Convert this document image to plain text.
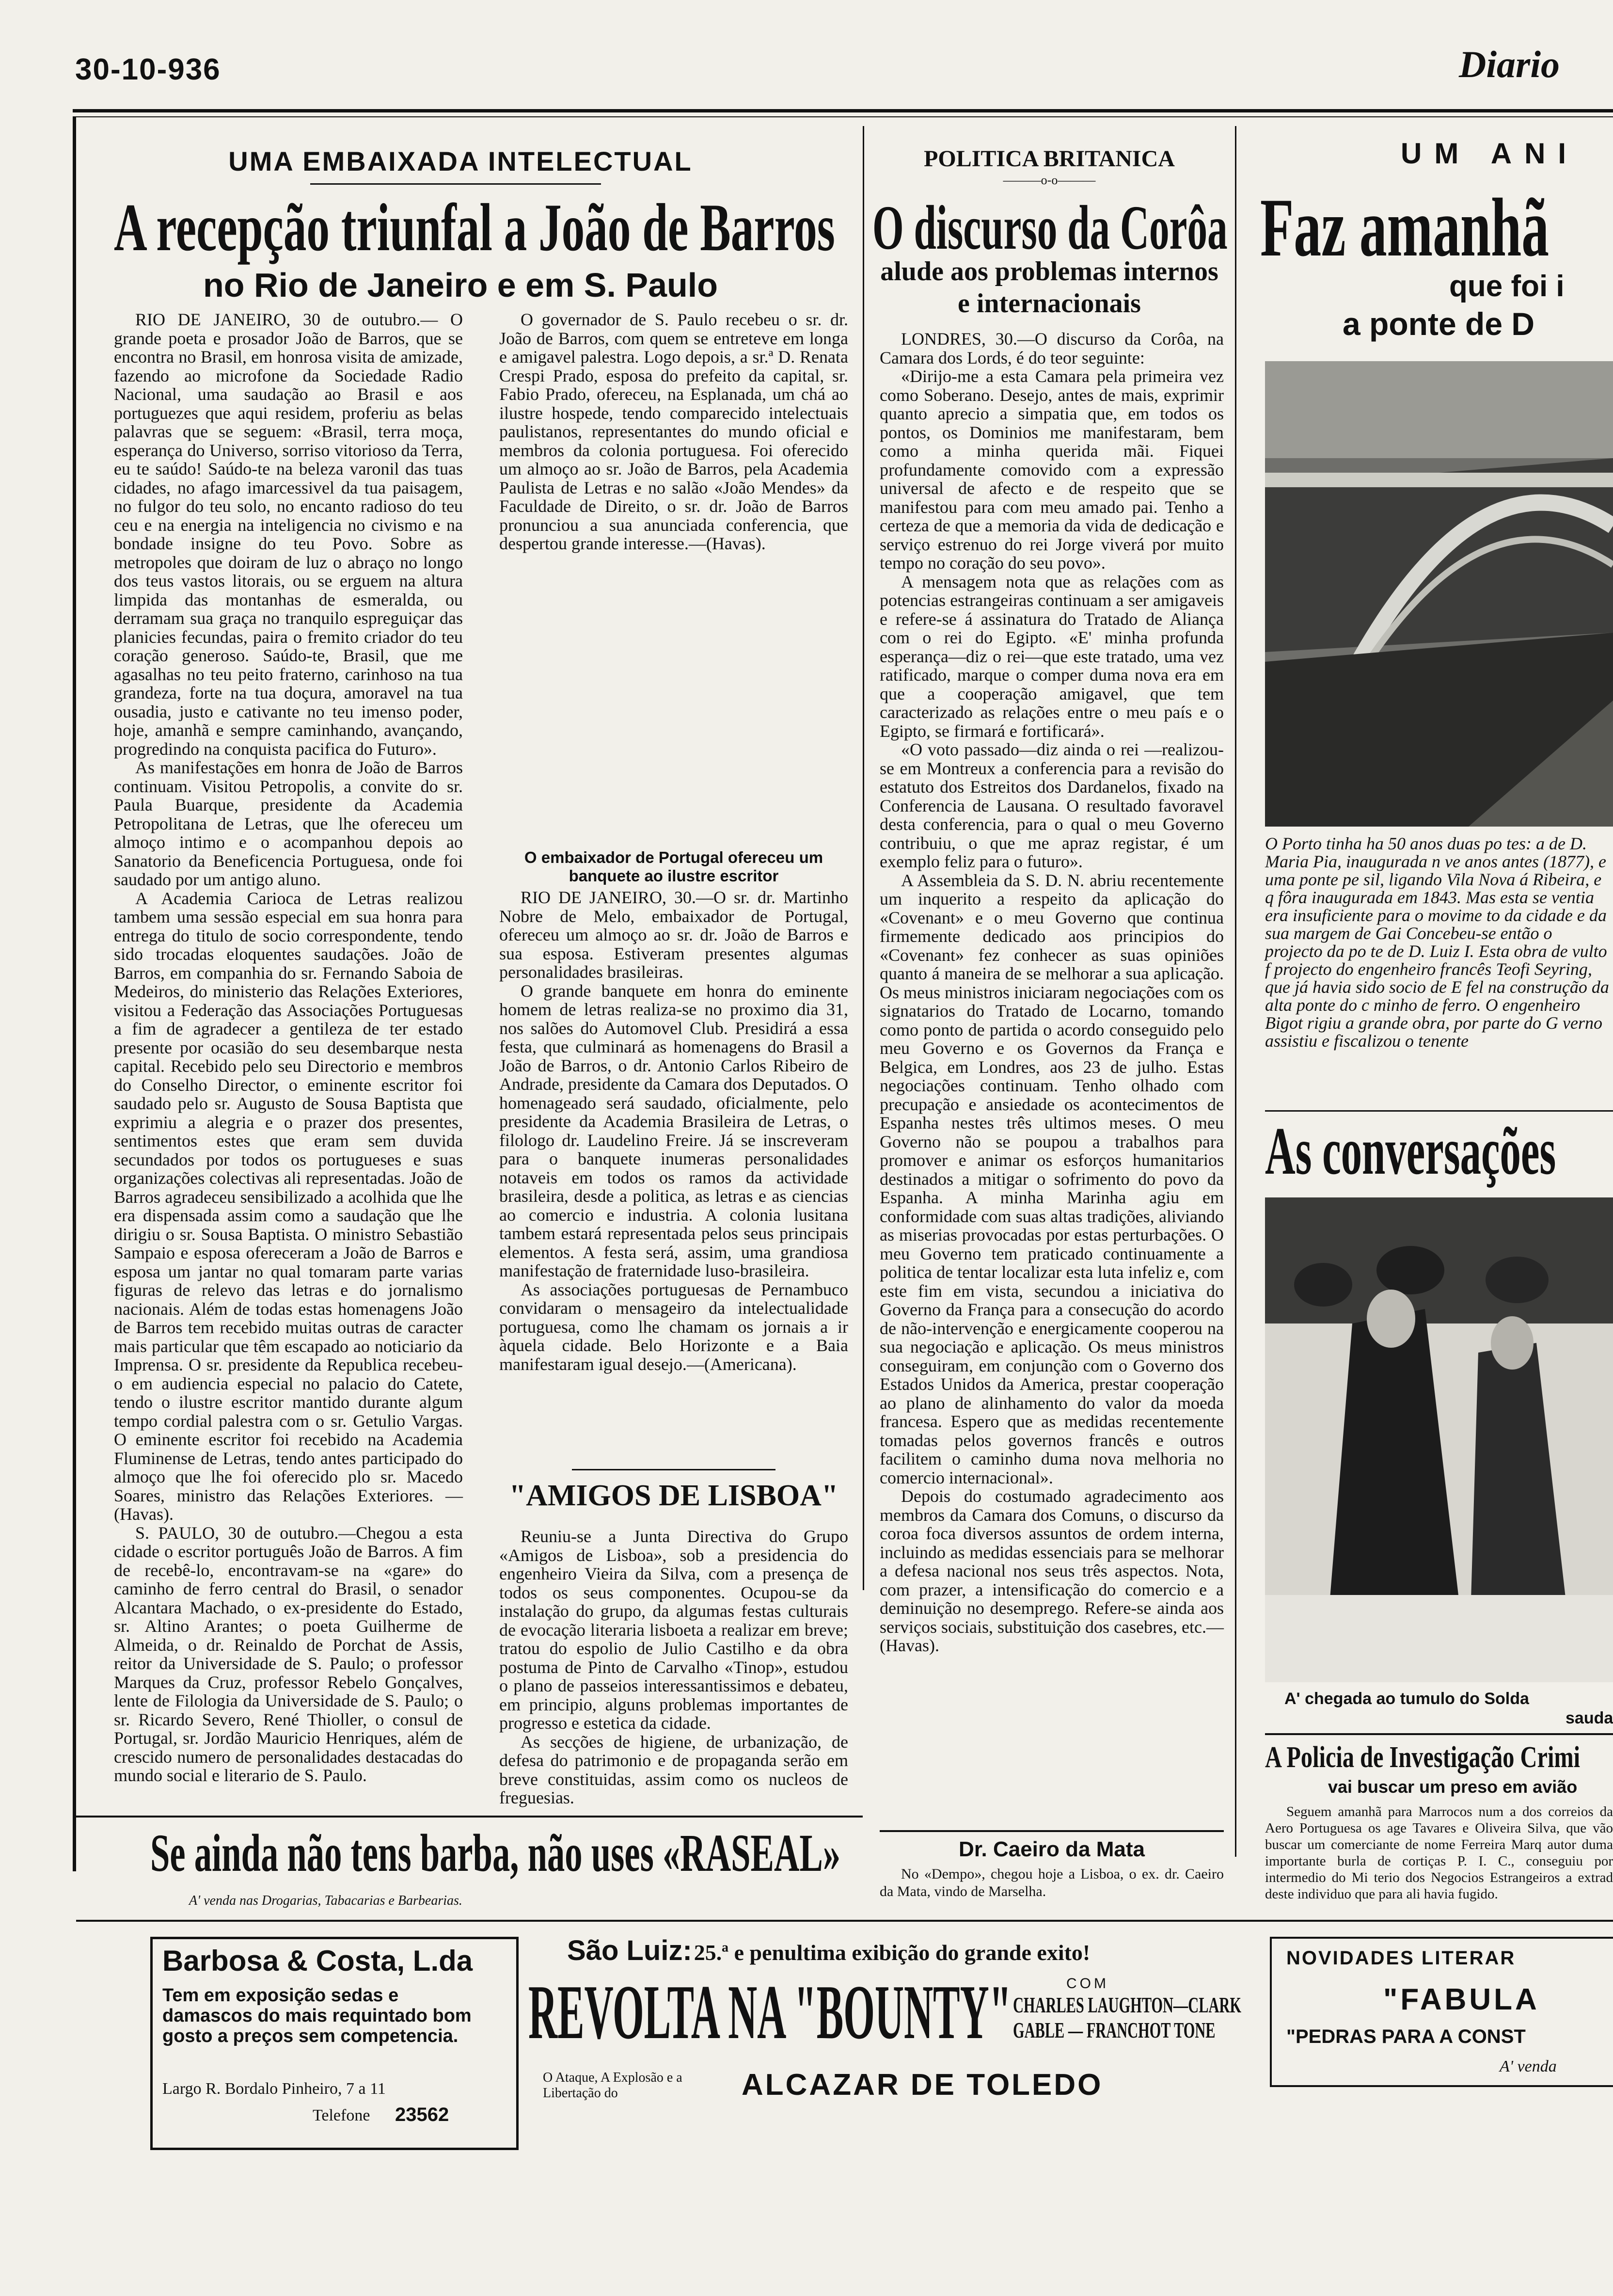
30-10-936	Diario
UMA EMBAIXADA INTELECTUAL
A recepção triunfal a João de Barros
no Rio de Janeiro e em S. Paulo

RIO DE JANEIRO, 30 de outubro.— O grande poeta e prosador João de Barros, que se encontra no Brasil, em honrosa visita de amizade, fazendo ao microfone da Sociedade Radio Nacional, uma saudação ao Brasil e aos portuguezes que aqui residem, proferiu as belas palavras que se seguem: «Brasil, terra moça, esperança do Universo, sorriso vitorioso da Terra, eu te saúdo! Saúdo-te na beleza varonil das tuas cidades, no afago imarcessivel da tua paisagem, no fulgor do teu solo, no encanto radioso do teu ceu e na energia na inteligencia no civismo e na bondade insigne do teu Povo. Sobre as metropoles que doiram de luz o abraço no longo dos teus vastos litorais, ou se erguem na altura limpida das montanhas de esmeralda, ou derramam sua graça no tranquilo espreguiçar das planicies fecundas, paira o fremito criador do teu coração generoso. Saúdo-te, Brasil, que me agasalhas no teu peito fraterno, carinhoso na tua grandeza, forte na tua doçura, amoravel na tua ousadia, justo e cativante no teu imenso poder, hoje, amanhã e sempre caminhando, avançando, progredindo na conquista pacifica do Futuro».

As manifestações em honra de João de Barros continuam. Visitou Petropolis, a convite do sr. Paula Buarque, presidente da Academia Petropolitana de Letras, que lhe ofereceu um almoço intimo e o acompanhou depois ao Sanatorio da Beneficencia Portuguesa, onde foi saudado por um antigo aluno.

A Academia Carioca de Letras realizou tambem uma sessão especial em sua honra para entrega do titulo de socio correspondente, tendo sido trocadas eloquentes saudações. João de Barros, em companhia do sr. Fernando Saboia de Medeiros, do ministerio das Relações Exteriores, visitou a Federação das Associações Portuguesas a fim de agradecer a gentileza de ter estado presente por ocasião do seu desembarque nesta capital. Recebido pelo seu Directorio e membros do Conselho Director, o eminente escritor foi saudado pelo sr. Augusto de Sousa Baptista que exprimiu a alegria e o prazer dos presentes, sentimentos estes que eram sem duvida secundados por todos os portugueses e suas organizações colectivas ali representadas. João de Barros agradeceu sensibilizado a acolhida que lhe era dispensada assim como a saudação que lhe dirigiu o sr. Sousa Baptista. O ministro Sebastião Sampaio e esposa ofereceram a João de Barros e esposa um jantar no qual tomaram parte varias figuras de relevo das letras e do jornalismo nacionais. Além de todas estas homenagens João de Barros tem recebido muitas outras de caracter mais particular que têm escapado ao noticiario da Imprensa. O sr. presidente da Republica recebeu-o em audiencia especial no palacio do Catete, tendo o ilustre escritor mantido durante algum tempo cordial palestra com o sr. Getulio Vargas. O eminente escritor foi recebido na Academia Fluminense de Letras, tendo antes participado do almoço que lhe foi oferecido plo sr. Macedo Soares, ministro das Relações Exteriores. — (Havas).

S. PAULO, 30 de outubro.—Chegou a esta cidade o escritor português João de Barros. A fim de recebê-lo, encontravam-se na «gare» do caminho de ferro central do Brasil, o senador Alcantara Machado, o ex-presidente do Estado, sr. Altino Arantes; o poeta Guilherme de Almeida, o dr. Reinaldo de Porchat de Assis, reitor da Universidade de S. Paulo; o professor Marques da Cruz, professor Rebelo Gonçalves, lente de Filologia da Universidade de S. Paulo; o sr. Ricardo Severo, René Thioller, o consul de Portugal, sr. Jordão Mauricio Henriques, além de crescido numero de personalidades destacadas do mundo social e literario de S. Paulo.

O governador de S. Paulo recebeu o sr. dr. João de Barros, com quem se entreteve em longa e amigavel palestra. Logo depois, a sr.ª D. Renata Crespi Prado, esposa do prefeito da capital, sr. Fabio Prado, ofereceu, na Esplanada, um chá ao ilustre hospede, tendo comparecido intelectuais paulistanos, representantes do mundo oficial e membros da colonia portuguesa. Foi oferecido um almoço ao sr. João de Barros, pela Academia Paulista de Letras e no salão «João Mendes» da Faculdade de Direito, o sr. dr. João de Barros pronunciou a sua anunciada conferencia, que despertou grande interesse.—(Havas).

O embaixador de Portugal ofereceu um banquete ao ilustre escritor

RIO DE JANEIRO, 30.—O sr. dr. Martinho Nobre de Melo, embaixador de Portugal, ofereceu um almoço ao sr. dr. João de Barros e sua esposa. Estiveram presentes algumas personalidades brasileiras.

O grande banquete em honra do eminente homem de letras realiza-se no proximo dia 31, nos salões do Automovel Club. Presidirá a essa festa, que culminará as homenagens do Brasil a João de Barros, o dr. Antonio Carlos Ribeiro de Andrade, presidente da Camara dos Deputados. O homenageado será saudado, oficialmente, pelo presidente da Academia Brasileira de Letras, o filologo dr. Laudelino Freire. Já se inscreveram para o banquete inumeras personalidades notaveis em todos os ramos da actividade brasileira, desde a politica, as letras e as ciencias ao comercio e industria. A colonia lusitana tambem estará representada pelos seus principais elementos. A festa será, assim, uma grandiosa manifestação de fraternidade luso-brasileira.

As associações portuguesas de Pernambuco convidaram o mensageiro da intelectualidade portuguesa, como lhe chamam os jornais a ir àquela cidade. Belo Horizonte e a Baia manifestaram igual desejo.—(Americana).

"AMIGOS DE LISBOA"

Reuniu-se a Junta Directiva do Grupo «Amigos de Lisboa», sob a presidencia do engenheiro Vieira da Silva, com a presença de todos os seus componentes. Ocupou-se da instalação do grupo, da algumas festas culturais de evocação literaria lisboeta a realizar em breve; tratou do espolio de Julio Castilho e da obra postuma de Pinto de Carvalho «Tinop», estudou o plano de passeios interessantissimos e debateu, em principio, alguns problemas importantes de progresso e estetica da cidade.

As secções de higiene, de urbanização, de defesa do patrimonio e de propaganda serão em breve constituidas, assim como os nucleos de freguesias.

Se ainda não tens barba, não uses «RASEAL»
A' venda nas Drogarias, Tabacarias e Barbearias.
POLITICA BRITANICA
———o-o———
O discurso da Corôa
alude aos problemas internos e internacionais

LONDRES, 30.—O discurso da Corôa, na Camara dos Lords, é do teor seguinte:

«Dirijo-me a esta Camara pela primeira vez como Soberano. Desejo, antes de mais, exprimir quanto aprecio a simpatia que, em todos os pontos, os Dominios me manifestaram, bem como a minha querida mãi. Fiquei profundamente comovido com a expressão universal de afecto e de respeito que se manifestou para com meu amado pai. Tenho a certeza de que a memoria da vida de dedicação e serviço estrenuo do rei Jorge viverá por muito tempo no coração do seu povo».

A mensagem nota que as relações com as potencias estrangeiras continuam a ser amigaveis e refere-se á assinatura do Tratado de Aliança com o rei do Egipto. «E' minha profunda esperança—diz o rei—que este tratado, uma vez ratificado, marque o comper duma nova era em que a cooperação amigavel, que tem caracterizado as relações entre o meu país e o Egipto, se firmará e fortificará».

«O voto passado—diz ainda o rei —realizou-se em Montreux a conferencia para a revisão do estatuto dos Estreitos dos Dardanelos, fixado na Conferencia de Lausana. O resultado favoravel desta conferencia, para o qual o meu Governo contribuiu, o que me apraz registar, é um exemplo feliz para o futuro».

A Assembleia da S. D. N. abriu recentemente um inquerito a respeito da aplicação do «Covenant» e o meu Governo que continua firmemente dedicado aos principios do «Covenant» fez conhecer as suas opiniões quanto á maneira de se melhorar a sua aplicação. Os meus ministros iniciaram negociações com os signatarios do Tratado de Locarno, tomando como ponto de partida o acordo conseguido pelo meu Governo e os Governos da França e Belgica, em Londres, aos 23 de julho. Estas negociações continuam. Tenho olhado com precupação e ansiedade os acontecimentos de Espanha nestes três ultimos meses. O meu Governo não se poupou a trabalhos para promover e animar os esforços humanitarios destinados a mitigar o sofrimento do povo da Espanha. A minha Marinha agiu em conformidade com suas altas tradições, aliviando as miserias provocadas por estas perturbações. O meu Governo tem praticado continuamente a politica de tentar localizar esta luta infeliz e, com este fim em vista, secundou a iniciativa do Governo da França para a consecução do acordo de não-intervenção e energicamente cooperou na sua negociação e aplicação. Os meus ministros conseguiram, em conjunção com o Governo dos Estados Unidos da America, prestar cooperação ao plano de alinhamento do valor da moeda francesa. Espero que as medidas recentemente tomadas pelos governos francês e outros facilitem o caminho duma nova melhoria no comercio internacional».

Depois do costumado agradecimento aos membros da Camara dos Comuns, o discurso da coroa foca diversos assuntos de ordem interna, incluindo as medidas essenciais para se melhorar a defesa nacional nos seus três aspectos. Nota, com prazer, a intensificação do comercio e a deminuição no desemprego. Refere-se ainda aos serviços sociais, substituição dos casebres, etc.—(Havas).

Dr. Caeiro da Mata

No «Dempo», chegou hoje a Lisboa, o ex. dr. Caeiro da Mata, vindo de Marselha.

UM ANI
Faz amanhã
que foi i
a ponte de D
O Porto tinha ha 50 anos duas po tes: a de D. Maria Pia, inaugurada n ve anos antes (1877), e uma ponte pe sil, ligando Vila Nova á Ribeira, e q fôra inaugurada em 1843. Mas esta se ventia era insuficiente para o movime to da cidade e da sua margem de Gai Concebeu-se então o projecto da po te de D. Luiz I. Esta obra de vulto f projecto do engenheiro francês Teofi Seyring, que já havia sido socio de E fel na construção da alta ponte do c minho de ferro. O engenheiro Bigot rigiu a grande obra, por parte do G verno assistiu e fiscalizou o tenente
As conversações
A' chegada ao tumulo do Solda
sauda
A Policia de Investigação Crimi
vai buscar um preso em avião

Seguem amanhã para Marrocos num a dos correios da Aero Portuguesa os age Tavares e Oliveira Silva, que vão buscar um comerciante de nome Ferreira Marq autor duma importante burla de cortiças P. I. C., conseguiu por intermedio do Mi terio dos Negocios Estrangeiros a extrad deste individuo que para ali havia fugido.

Barbosa & Costa, L.da
Tem em exposição sedas e damascos do mais requintado bom gosto a preços sem competencia.
Largo R. Bordalo Pinheiro, 7 a 11
Telefone 23562
São Luiz: 25.ª e penultima exibição do grande exito!
REVOLTA NA "BOUNTY"	COM
CHARLES LAUGHTON—CLARK
GABLE — FRANCHOT TONE
O Ataque, A Explosão e a Libertação do	ALCAZAR DE TOLEDO
NOVIDADES LITERAR
"FABULA
"PEDRAS PARA A CONST
A' venda
